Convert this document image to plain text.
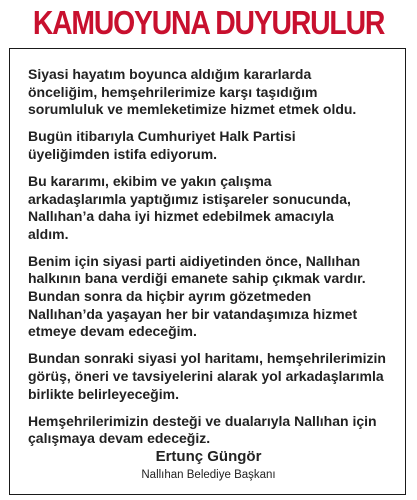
KAMUOYUNA DUYURULUR

Siyasi hayatım boyunca aldığım kararlarda
önceliğim, hemşehrilerimize karşı taşıdığım
sorumluluk ve memleketimize hizmet etmek oldu.

Bugün itibarıyla Cumhuriyet Halk Partisi
üyeliğimden istifa ediyorum.

Bu kararımı, ekibim ve yakın çalışma
arkadaşlarımla yaptığımız istişareler sonucunda,
Nallıhan’a daha iyi hizmet edebilmek amacıyla
aldım.

Benim için siyasi parti aidiyetinden önce, Nallıhan
halkının bana verdiği emanete sahip çıkmak vardır.
Bundan sonra da hiçbir ayrım gözetmeden
Nallıhan’da yaşayan her bir vatandaşımıza hizmet
etmeye devam edeceğim.

Bundan sonraki siyasi yol haritamı, hemşehrilerimizin
görüş, öneri ve tavsiyelerini alarak yol arkadaşlarımla
birlikte belirleyeceğim.

Hemşehrilerimizin desteği ve dualarıyla Nallıhan için
çalışmaya devam edeceğiz.

Ertunç Güngör
Nallıhan Belediye Başkanı
